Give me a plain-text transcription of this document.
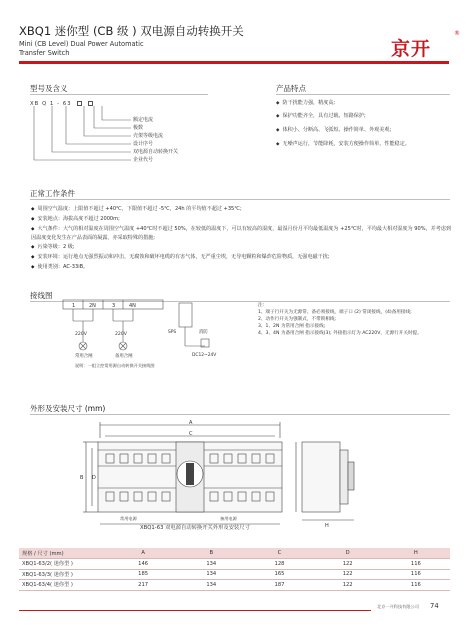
XBQ1 迷你型 (CB 级 ) 双电源自动转换开关
Mini (CB Level) Dual Power Automatic
Transfer Switch	京开
®
型号及含义
XB Q 1 - 63
额定电流
极数
壳架等级电流
设计序号
双电源自动转换开关
企业代号
产品特点
◆ 防干扰能力强，精度高;
◆ 保护功能齐全，具有过载、短路保护;
◆ 体积小、分断高、飞弧短、操作简单、外观美观;
◆ 无噪声运行，节能降耗，安装方便操作简单，性能稳定。
正常工作条件
◆ 周围空气温度：上限值不超过 +40℃，下限值不超过 -5℃，24h 的平均值不超过 +35℃;
◆ 安装地点：海拔高度不超过 2000m;
◆ 大气条件：大气的相对温度在周围空气温度 +40℃时不超过 50%，在较低的温度下，可以有较高的湿度，最湿月份月平均最低温度为 +25℃时，平均最大相对湿度为 90%，并考虑到因温度变化发生在产品表面的凝露，亦采取特殊的措施;
◆ 污染等级：2 级;
◆ 安装环境：运行地点无强烈振动和冲击，无腐蚀和破坏电缆的有害气体，无严重尘埃，无导电颗粒和爆炸危险物质，无强电磁干扰;
◆ 使用类别：AC-33iB。
接线图
1	2N	3	4N
220V	220V
常用合闸	备用合闸
说明：一组立控常用源自动转换开关接线图
SPS	消防
DC12~24V
注:
1、端子行开关为无源常、备必须接线，端子口 (2) 常闭接线，(4)备用接线;
2、动作行开关为强制式，不带锁相线;
3、1、2N 为常用合闸 指示接线;
4、3、4N 为备用合闸 指示接线(3); 外接指示灯为 AC220V，无源行开关时提。
外形及安装尺寸 (mm)
A
C
B D
H
常用电源	备用电源
XBQ1-63 双电源自动转换开关外形及安装尺寸
规格 / 尺寸 (mm)	A	B	C	D	H
XBQ1-63/2( 迷你型 )	146	134	128	122	116
XBQ1-63/3( 迷你型 )	185	134	165	122	116
XBQ1-63/4( 迷你型 )	217	134	187	122	116
北京一开科技有限公司 74
